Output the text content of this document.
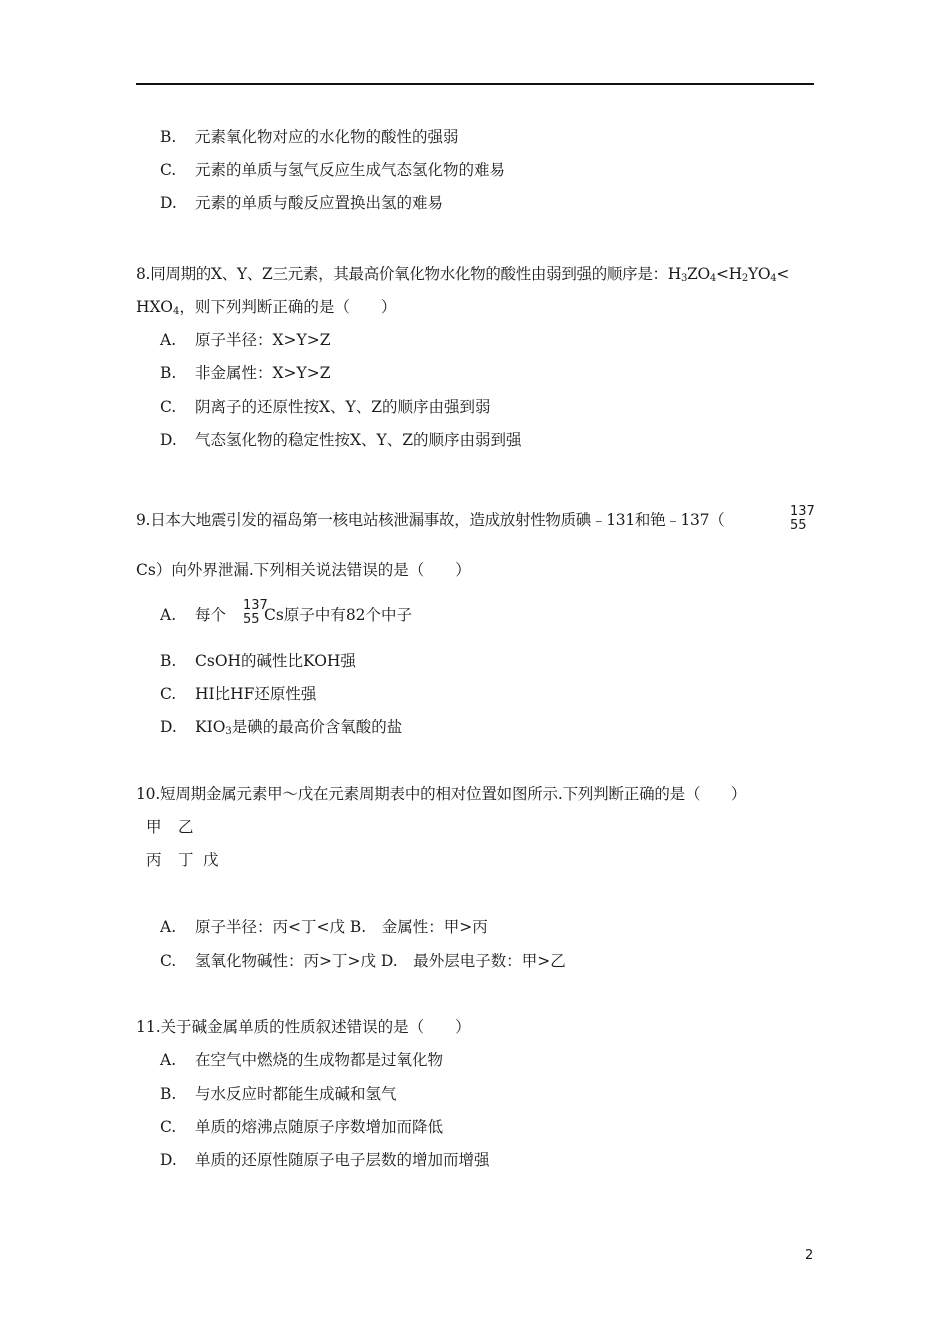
B. 元素氧化物对应的水化物的酸性的强弱
C. 元素的单质与氢气反应生成气态氢化物的难易
D. 元素的单质与酸反应置换出氢的难易
8.同周期的X、Y、Z三元素，其最高价氧化物水化物的酸性由弱到强的顺序是：$H_3ZO_4<H_2YO_4<$
$HXO_4$，则下列判断正确的是（　　）
A. 原子半径：X>Y>Z
B. 非金属性：X>Y>Z
C. 阴离子的还原性按X、Y、Z的顺序由强到弱
D. 气态氢化物的稳定性按X、Y、Z的顺序由弱到强
9.日本大地震引发的福岛第一核电站核泄漏事故，造成放射性物质碘﹣131和铯﹣137（	137
55
Cs）向外界泄漏.下列相关说法错误的是（　　）
A. 每个
137
55 Cs原子中有82个中子
B. CsOH的碱性比KOH强
C. HI比HF还原性强
D. $KIO_3$是碘的最高价含氧酸的盐
10.短周期金属元素甲～戊在元素周期表中的相对位置如图所示.下列判断正确的是（　　）
甲 乙
丙 丁 戊
A. 原子半径：丙<丁<戊 B.　 金属性：甲>丙
C. 氢氧化物碱性：丙>丁>戊 D.　 最外层电子数：甲>乙
11.关于碱金属单质的性质叙述错误的是（　　）
A. 在空气中燃烧的生成物都是过氧化物
B. 与水反应时都能生成碱和氢气
C. 单质的熔沸点随原子序数增加而降低
D. 单质的还原性随原子电子层数的增加而增强
2
